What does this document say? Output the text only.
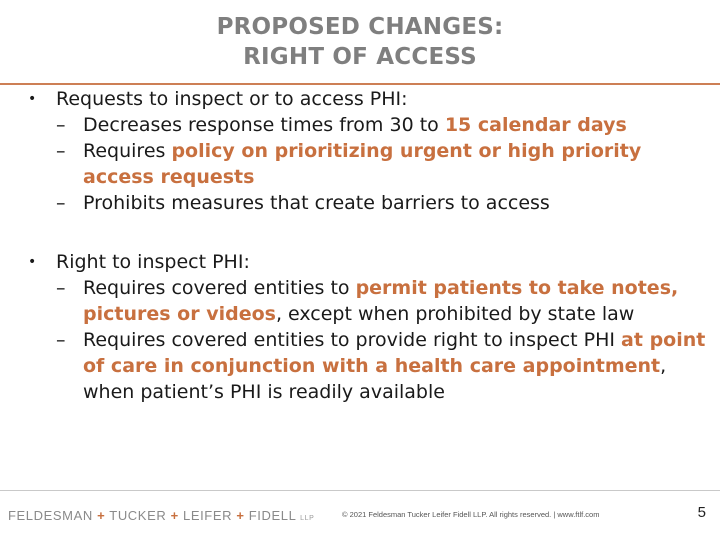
PROPOSED CHANGES:
RIGHT OF ACCESS
• Requests to inspect or to access PHI:
– Decreases response times from 30 to 15 calendar days
– Requires policy on prioritizing urgent or high priority access requests
– Prohibits measures that create barriers to access
• Right to inspect PHI:
– Requires covered entities to permit patients to take notes, pictures or videos, except when prohibited by state law
– Requires covered entities to provide right to inspect PHI at point of care in conjunction with a health care appointment, when patient’s PHI is readily available
FELDESMAN + TUCKER + LEIFER + FIDELL LLP	© 2021 Feldesman Tucker Leifer Fidell LLP. All rights reserved. | www.ftlf.com	5
